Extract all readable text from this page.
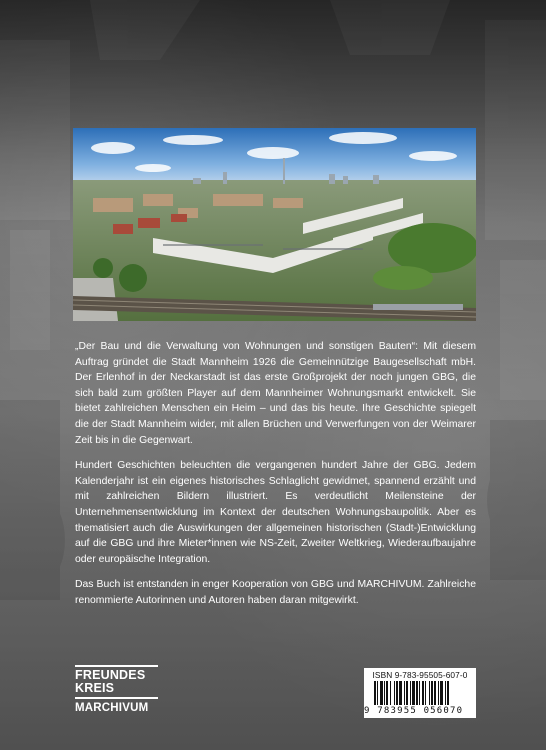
„Der Bau und die Verwaltung von Wohnungen und sonstigen Bauten“: Mit diesem Auftrag gründet die Stadt Mannheim 1926 die Gemeinnützige Baugesellschaft mbH. Der Erlenhof in der Neckarstadt ist das erste Großprojekt der noch jungen GBG, die sich bald zum größten Player auf dem Mannheimer Wohnungsmarkt entwickelt. Sie bietet zahlreichen Menschen ein Heim – und das bis heute. Ihre Geschichte spiegelt die der Stadt Mannheim wider, mit allen Brüchen und Verwerfungen von der Weimarer Zeit bis in die Gegenwart.

Hundert Geschichten beleuchten die vergangenen hundert Jahre der GBG. Jedem Kalenderjahr ist ein eigenes historisches Schlaglicht gewidmet, spannend erzählt und mit zahlreichen Bildern illustriert. Es verdeutlicht Meilensteine der Unternehmensentwicklung im Kontext der deutschen Wohnungsbaupolitik. Aber es thematisiert auch die Auswirkungen der allgemeinen historischen (Stadt-)Entwicklung auf die GBG und ihre Mieter*innen wie NS-Zeit, Zweiter Weltkrieg, Wiederaufbaujahre oder europäische Integration.

Das Buch ist entstanden in enger Kooperation von GBG und MARCHIVUM. Zahlreiche renommierte Autorinnen und Autoren haben daran mitgewirkt.

FREUNDES
KREIS
MARCHIVUM
ISBN 9-783-95505-607-0
9 783955 056070
